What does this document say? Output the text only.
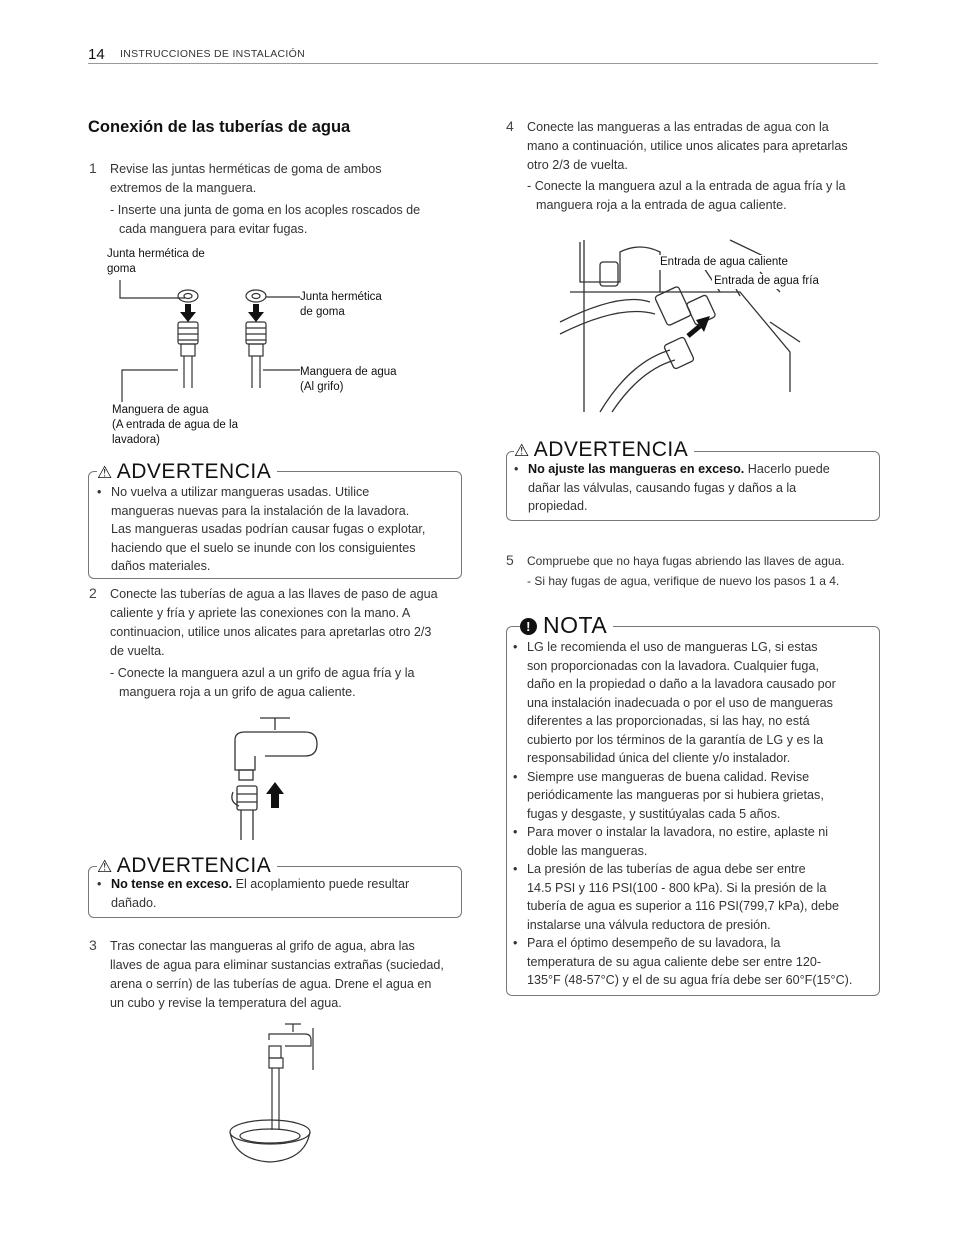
14 INSTRUCCIONES DE INSTALACIÓN
Conexión de las tuberías de agua
1 Revise las juntas herméticas de goma de ambos
extremos de la manguera.
- Inserte una junta de goma en los acoples roscados de
cada manguera para evitar fugas.
Junta hermética de
goma
Junta hermética
de goma
Manguera de agua
(Al grifo)
Manguera de agua
(A entrada de agua de la
lavadora)
⚠ ADVERTENCIA
• No vuelva a utilizar mangueras usadas. Utilice
mangueras nuevas para la instalación de la lavadora.
Las mangueras usadas podrían causar fugas o explotar,
haciendo que el suelo se inunde con los consiguientes
daños materiales.
2 Conecte las tuberías de agua a las llaves de paso de agua
caliente y fría y apriete las conexiones con la mano. A
continuacion, utilice unos alicates para apretarlas otro 2/3
de vuelta.
- Conecte la manguera azul a un grifo de agua fría y la
manguera roja a un grifo de agua caliente.
⚠ ADVERTENCIA
• No tense en exceso. El acoplamiento puede resultar
dañado.
3 Tras conectar las mangueras al grifo de agua, abra las
llaves de agua para eliminar sustancias extrañas (suciedad,
arena o serrín) de las tuberías de agua. Drene el agua en
un cubo y revise la temperatura del agua.
4 Conecte las mangueras a las entradas de agua con la
mano a continuación, utilice unos alicates para apretarlas
otro 2/3 de vuelta.
- Conecte la manguera azul a la entrada de agua fría y la
manguera roja a la entrada de agua caliente.
Entrada de agua caliente
Entrada de agua fría
⚠ ADVERTENCIA
• No ajuste las mangueras en exceso. Hacerlo puede
dañar las válvulas, causando fugas y daños a la
propiedad.
5 Compruebe que no haya fugas abriendo las llaves de agua.
- Si hay fugas de agua, verifique de nuevo los pasos 1 a 4.
! NOTA
• LG le recomienda el uso de mangueras LG, si estas
son proporcionadas con la lavadora. Cualquier fuga,
daño en la propiedad o daño a la lavadora causado por
una instalación inadecuada o por el uso de mangueras
diferentes a las proporcionadas, si las hay, no está
cubierto por los términos de la garantía de LG y es la
responsabilidad única del cliente y/o instalador.
• Siempre use mangueras de buena calidad. Revise
periódicamente las mangueras por si hubiera grietas,
fugas y desgaste, y sustitúyalas cada 5 años.
• Para mover o instalar la lavadora, no estire, aplaste ni
doble las mangueras.
• La presión de las tuberías de agua debe ser entre
14.5 PSI y 116 PSI(100 - 800 kPa). Si la presión de la
tubería de agua es superior a 116 PSI(799,7 kPa), debe
instalarse una válvula reductora de presión.
• Para el óptimo desempeño de su lavadora, la
temperatura de su agua caliente debe ser entre 120-
135°F (48-57°C) y el de su agua fría debe ser 60°F(15°C).
